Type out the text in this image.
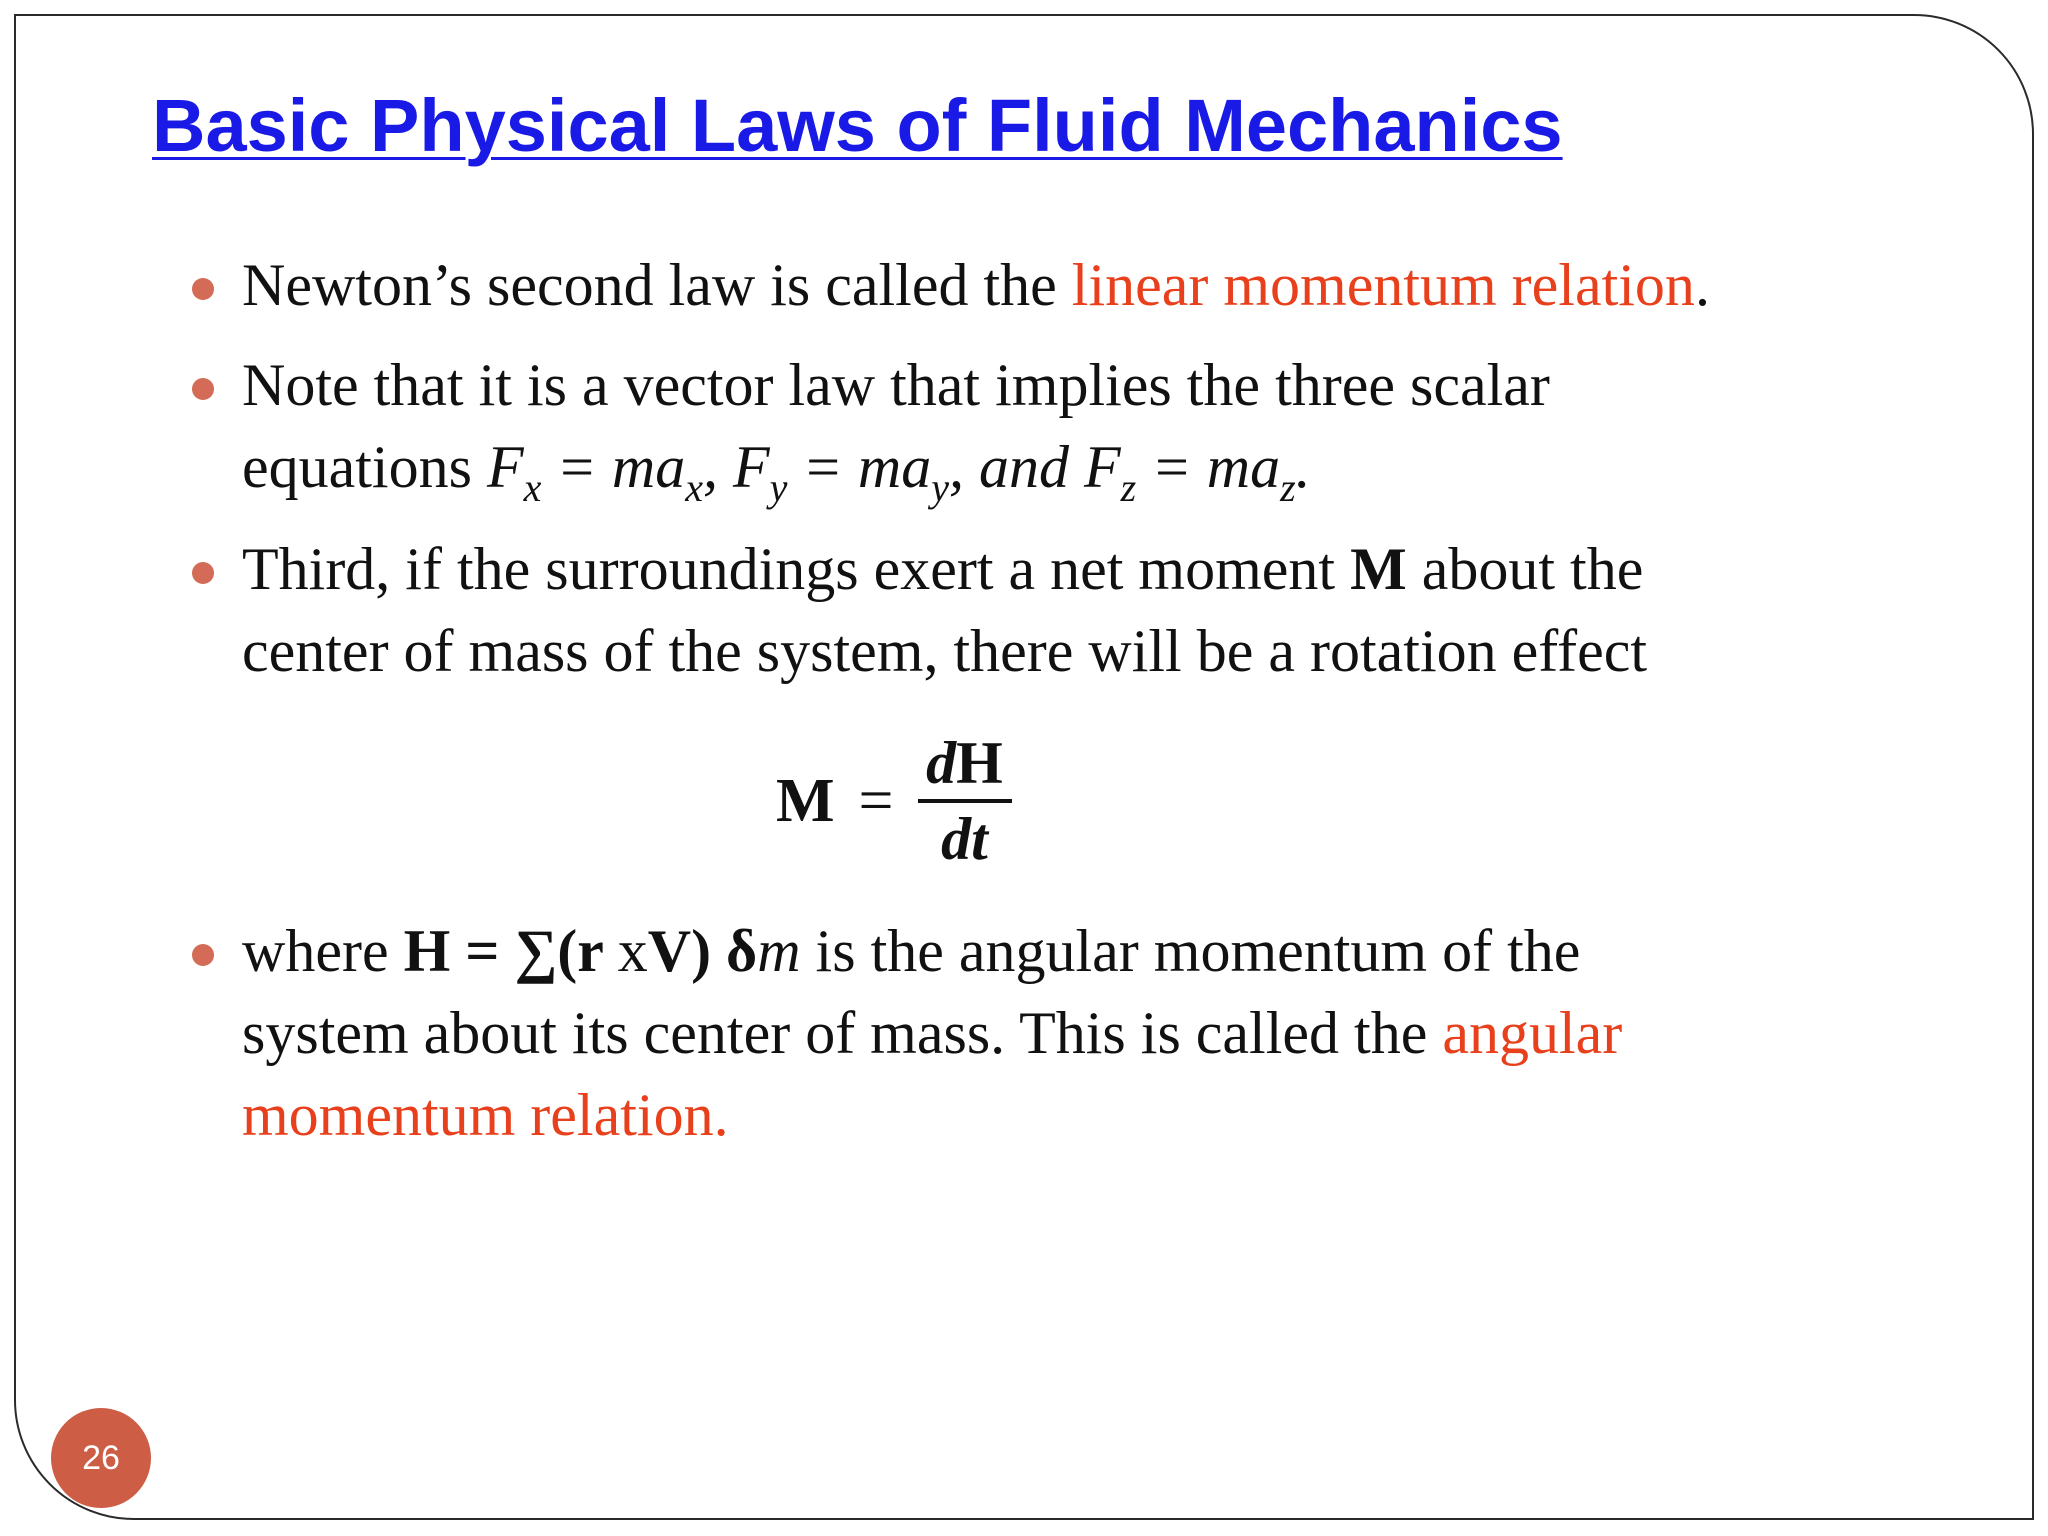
Basic Physical Laws of Fluid Mechanics
Newton’s second law is called the linear momentum relation.
Note that it is a vector law that implies the three scalar
equations $F_x = ma_x$, $F_y = ma_y$, and $F_z = ma_z$.
Third, if the surroundings exert a net moment M about the
center of mass of the system, there will be a rotation effect
where H = ∑(r xV) δm is the angular momentum of the
system about its center of mass. This is called the angular
momentum relation.
$M = \frac{dH}{dt}$
26
